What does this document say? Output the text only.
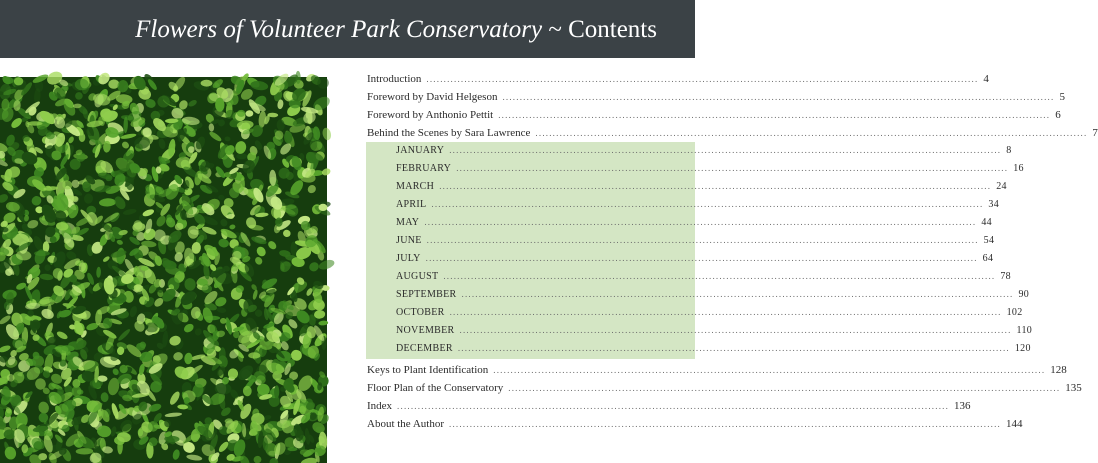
Flowers of Volunteer Park Conservatory ~ Contents
Introduction ................................................................................................................................................................ 4
Foreword by David Helgeson ................................................................................................................................................................ 5
Foreword by Anthonio Pettit ................................................................................................................................................................ 6
Behind the Scenes by Sara Lawrence ................................................................................................................................................................ 7
JANUARY ................................................................................................................................................................ 8
FEBRUARY ................................................................................................................................................................ 16
MARCH ................................................................................................................................................................ 24
APRIL ................................................................................................................................................................ 34
MAY ................................................................................................................................................................ 44
JUNE ................................................................................................................................................................ 54
JULY ................................................................................................................................................................ 64
AUGUST ................................................................................................................................................................ 78
SEPTEMBER ................................................................................................................................................................ 90
OCTOBER ................................................................................................................................................................ 102
NOVEMBER ................................................................................................................................................................ 110
DECEMBER ................................................................................................................................................................ 120
Keys to Plant Identification ................................................................................................................................................................ 128
Floor Plan of the Conservatory ................................................................................................................................................................ 135
Index ................................................................................................................................................................ 136
About the Author ................................................................................................................................................................ 144
